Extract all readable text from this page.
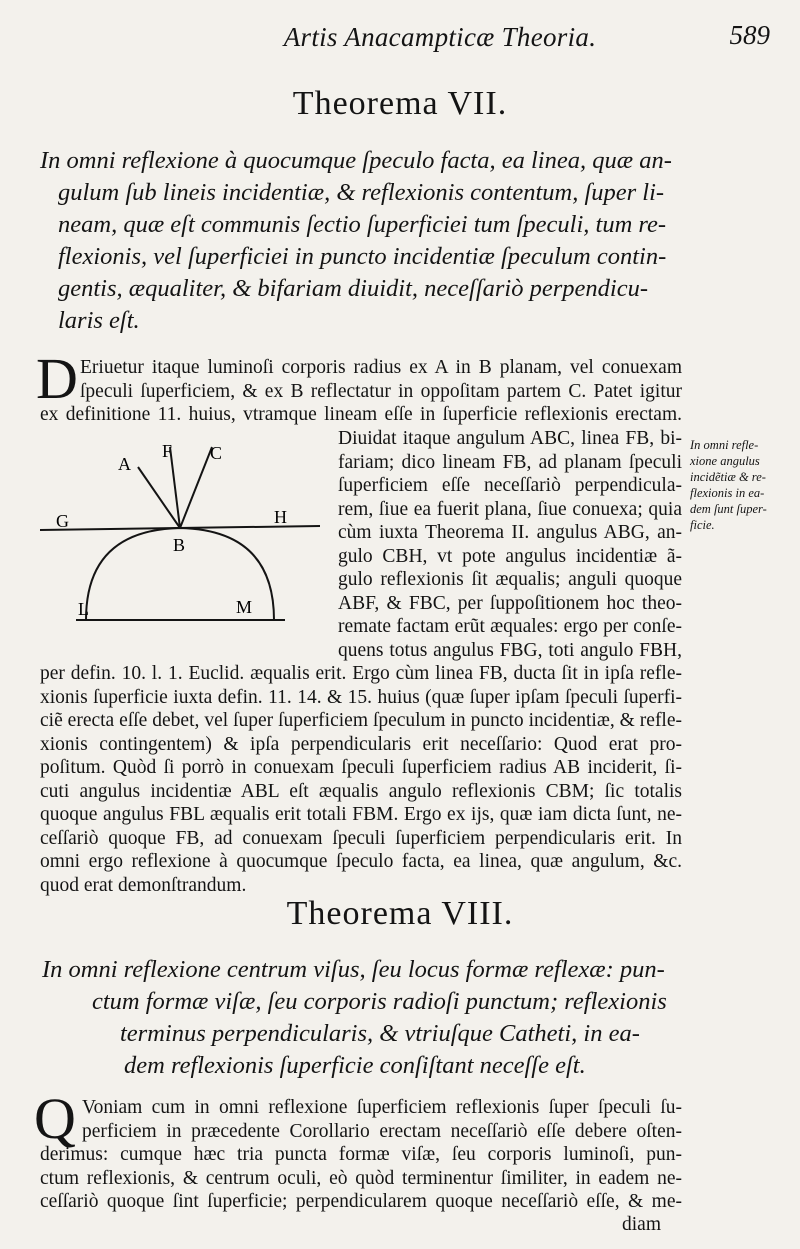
Artis Anacampticæ Theoria.	589
Theorema VII.
In omni reflexione à quocumque ſpeculo facta, ea linea, quæ an-
gulum ſub lineis incidentiæ, & reflexionis contentum, ſuper li-
neam, quæ eſt communis ſectio ſuperficiei tum ſpeculi, tum re-
flexionis, vel ſuperficiei in puncto incidentiæ ſpeculum contin-
gentis, æqualiter, & bifariam diuidit, neceſſariò perpendicu-
laris eſt.
D Eriuetur itaque luminoſi corporis radius ex A in B planam, vel conuexam
ſpeculi ſuperficiem, & ex B reflectatur in oppoſitam partem C. Patet igitur
ex definitione 11. huius, vtramque lineam eſſe in ſuperficie reflexionis erectam.
A
F C
G	H
B
L	M
Diuidat itaque angulum ABC, linea FB, bi-
fariam; dico lineam FB, ad planam ſpeculi
ſuperficiem eſſe neceſſariò perpendicula-
rem, ſiue ea fuerit plana, ſiue conuexa; quia
cùm iuxta Theorema II. angulus ABG, an-
gulo CBH, vt pote angulus incidentiæ ã-
gulo reflexionis ſit æqualis; anguli quoque
ABF, & FBC, per ſuppoſitionem hoc theo-
remate factam erũt æquales: ergo per conſe-
quens totus angulus FBG, toti angulo FBH,
In omni refle-
xione angulus
incidẽtiæ & re-
flexionis in ea-
dem ſunt ſuper-
ficie.
per defin. 10. l. 1. Euclid. æqualis erit. Ergo cùm linea FB, ducta ſit in ipſa refle-
xionis ſuperficie iuxta defin. 11. 14. & 15. huius (quæ ſuper ipſam ſpeculi ſuperfi-
ciẽ erecta eſſe debet, vel ſuper ſuperficiem ſpeculum in puncto incidentiæ, & refle-
xionis contingentem) & ipſa perpendicularis erit neceſſario: Quod erat pro-
poſitum. Quòd ſi porrò in conuexam ſpeculi ſuperficiem radius AB inciderit, ſi-
cuti angulus incidentiæ ABL eſt æqualis angulo reflexionis CBM; ſic totalis
quoque angulus FBL æqualis erit totali FBM. Ergo ex ijs, quæ iam dicta ſunt, ne-
ceſſariò quoque FB, ad conuexam ſpeculi ſuperficiem perpendicularis erit. In
omni ergo reflexione à quocumque ſpeculo facta, ea linea, quæ angulum, &c.
quod erat demonſtrandum.
Theorema VIII.
In omni reflexione centrum viſus, ſeu locus formæ reflexæ: pun-
ctum formæ viſæ, ſeu corporis radioſi punctum; reflexionis
terminus perpendicularis, & vtriuſque Catheti, in ea-
dem reflexionis ſuperficie conſiſtant neceſſe eſt.
Q Voniam cum in omni reflexione ſuperficiem reflexionis ſuper ſpeculi ſu-
perficiem in præcedente Corollario erectam neceſſariò eſſe debere oſten-
derimus: cumque hæc tria puncta formæ viſæ, ſeu corporis luminoſi, pun-
ctum reflexionis, & centrum oculi, eò quòd terminentur ſimiliter, in eadem ne-
ceſſariò quoque ſint ſuperficie; perpendicularem quoque neceſſariò eſſe, & me-
diam
